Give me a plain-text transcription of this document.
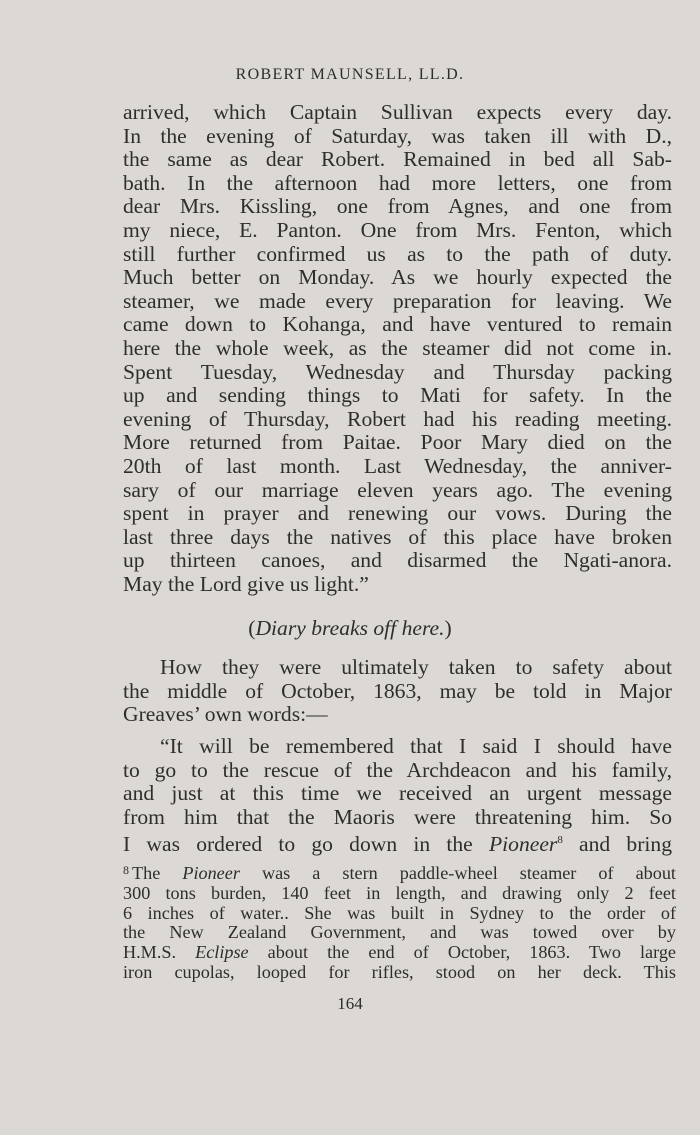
ROBERT MAUNSELL, LL.D.
arrived, which Captain Sullivan expects every day.
In the evening of Saturday, was taken ill with D.,
the same as dear Robert. Remained in bed all Sab-
bath. In the afternoon had more letters, one from
dear Mrs. Kissling, one from Agnes, and one from
my niece, E. Panton. One from Mrs. Fenton, which
still further confirmed us as to the path of duty.
Much better on Monday. As we hourly expected the
steamer, we made every preparation for leaving. We
came down to Kohanga, and have ventured to remain
here the whole week, as the steamer did not come in.
Spent Tuesday, Wednesday and Thursday packing
up and sending things to Mati for safety. In the
evening of Thursday, Robert had his reading meeting.
More returned from Paitae. Poor Mary died on the
20th of last month. Last Wednesday, the anniver-
sary of our marriage eleven years ago. The evening
spent in prayer and renewing our vows. During the
last three days the natives of this place have broken
up thirteen canoes, and disarmed the Ngati-anora.
May the Lord give us light.”
(Diary breaks off here.)
How they were ultimately taken to safety about
the middle of October, 1863, may be told in Major
Greaves’ own words:—
“It will be remembered that I said I should have
to go to the rescue of the Archdeacon and his family,
and just at this time we received an urgent message
from him that the Maoris were threatening him. So
I was ordered to go down in the Pioneer$^8$ and bring
$^8$ The Pioneer was a stern paddle-wheel steamer of about
300 tons burden, 140 feet in length, and drawing only 2 feet
6 inches of water.. She was built in Sydney to the order of
the New Zealand Government, and was towed over by
H.M.S. Eclipse about the end of October, 1863. Two large
iron cupolas, looped for rifles, stood on her deck. This
164
